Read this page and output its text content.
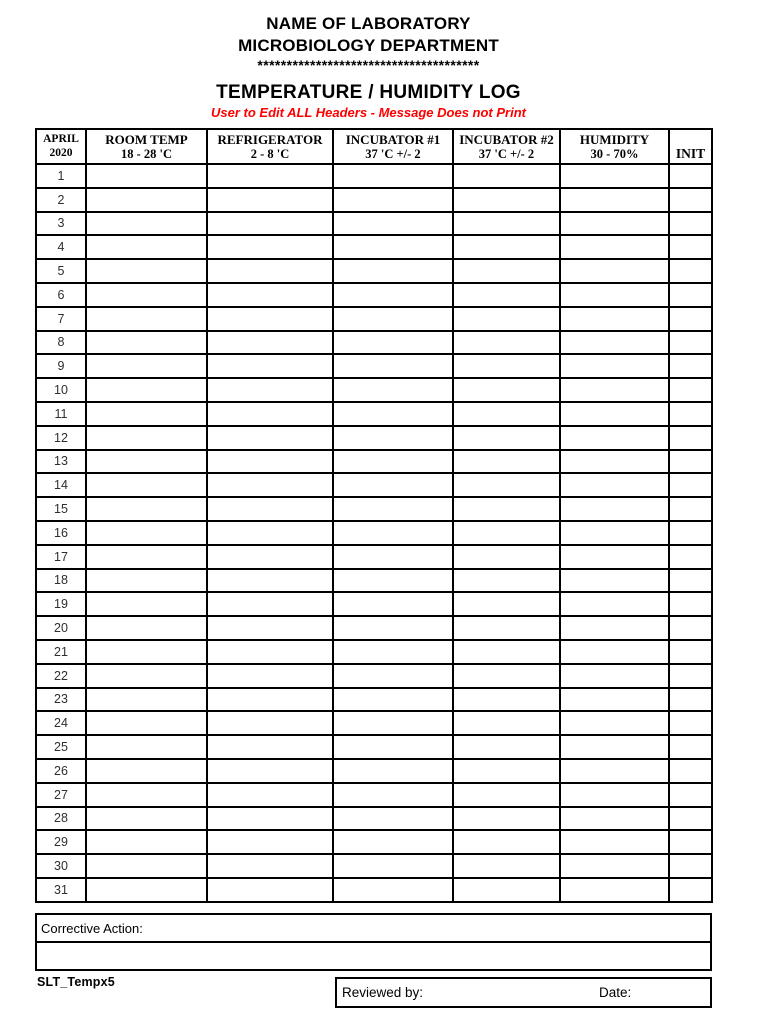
NAME OF LABORATORY
MICROBIOLOGY DEPARTMENT
**************************************
TEMPERATURE / HUMIDITY LOG
User to Edit ALL Headers - Message Does not Print
APRIL
2020
ROOM TEMP
18 - 28 'C
REFRIGERATOR
2 - 8 'C
INCUBATOR #1
37 'C +/- 2
INCUBATOR #2
37 'C +/- 2
HUMIDITY
30 - 70%	INIT
1
2
3
4
5
6
7
8
9
10
11
12
13
14
15
16
17
18
19
20
21
22
23
24
25
26
27
28
29
30
31
Corrective Action:
SLT_Tempx5
Reviewed by:	Date:
